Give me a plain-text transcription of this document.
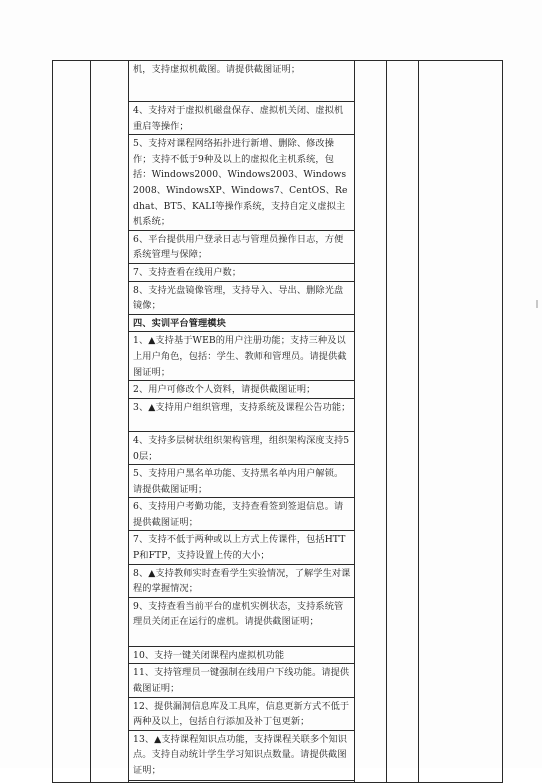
机，支持虚拟机截图。请提供截图证明；

4、支持对于虚拟机磁盘保存、虚拟机关闭、虚拟机重启等操作；

5、支持对课程网络拓扑进行新增、删除、修改操作；支持不低于9种及以上的虚拟化主机系统，包括：Windows2000、Windows2003、Windows2008、WindowsXP、Windows7、CentOS、Redhat、BT5、KALI等操作系统，支持自定义虚拟主机系统；

6、平台提供用户登录日志与管理员操作日志，方便系统管理与保障；

7、支持查看在线用户数；

8、支持光盘镜像管理，支持导入、导出、删除光盘镜像；

四、实训平台管理模块

1、▲支持基于WEB的用户注册功能；支持三种及以上用户角色，包括：学生、教师和管理员。请提供截图证明；

2、用户可修改个人资料，请提供截图证明；

3、▲支持用户组织管理，支持系统及课程公告功能；

4、支持多层树状组织架构管理，组织架构深度支持50层；

5、支持用户黑名单功能、支持黑名单内用户解锁。请提供截图证明；

6、支持用户考勤功能，支持查看签到签退信息。请提供截图证明；

7、支持不低于两种或以上方式上传课件，包括HTTP和FTP，支持设置上传的大小；

8、▲支持教师实时查看学生实验情况，了解学生对课程的掌握情况；

9、支持查看当前平台的虚机实例状态，支持系统管理员关闭正在运行的虚机。请提供截图证明；

10、支持一键关闭课程内虚拟机功能

11、支持管理员一键强制在线用户下线功能。请提供截图证明；

12、提供漏洞信息库及工具库，信息更新方式不低于两种及以上，包括自行添加及补丁包更新；

13、▲支持课程知识点功能，支持课程关联多个知识点。支持自动统计学生学习知识点数量。请提供截图证明；
